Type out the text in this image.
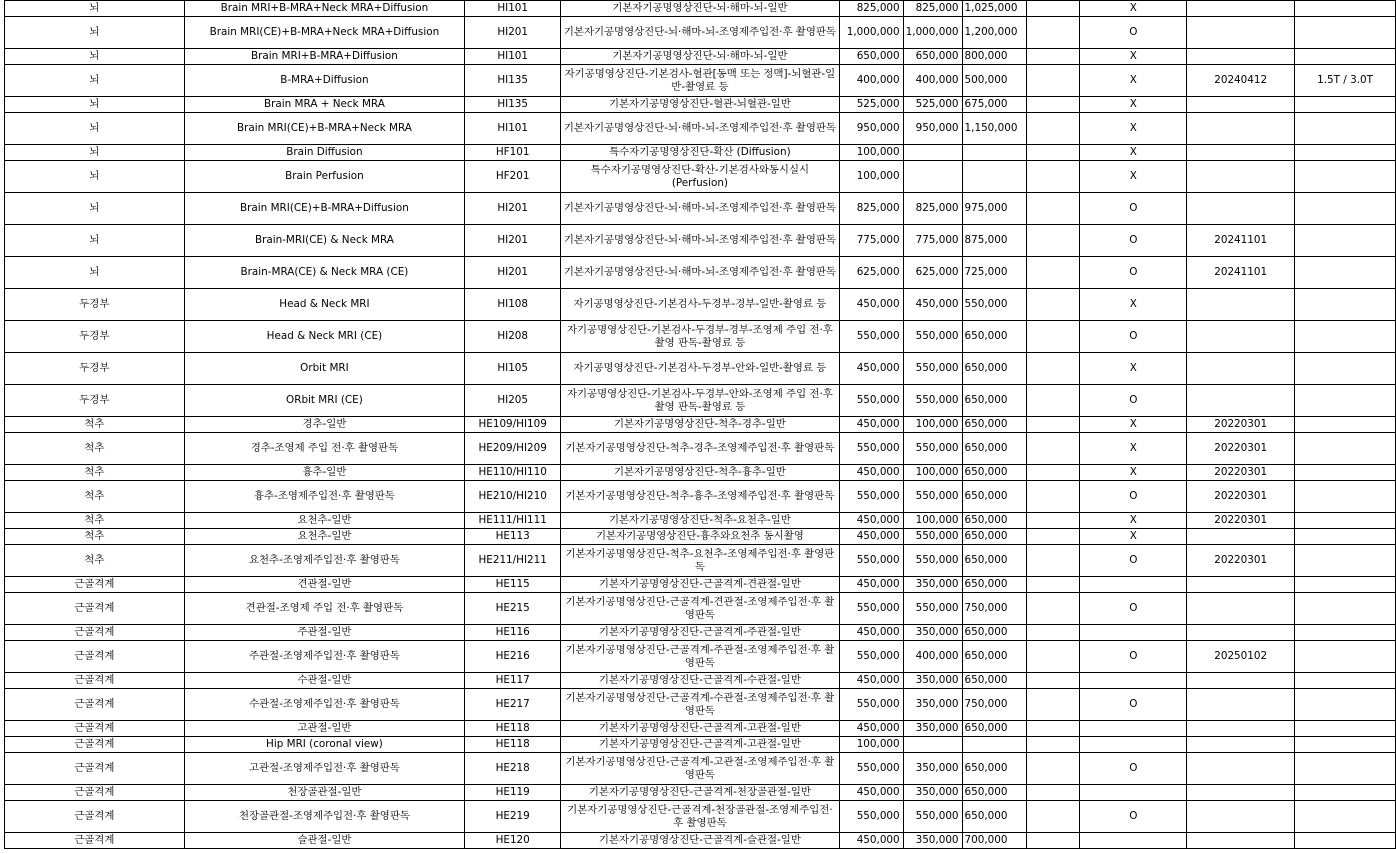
뇌	Brain MRI+B-MRA+Neck MRA+Diffusion	HI101	기본자기공명영상진단-뇌·해마-뇌-일반	825,000	825,000	1,025,000		X		
뇌	Brain MRI(CE)+B-MRA+Neck MRA+Diffusion	HI201	기본자기공명영상진단-뇌·해마-뇌-조영제주입전·후 촬영판독	1,000,000	1,000,000	1,200,000		O		
뇌	Brain MRI+B-MRA+Diffusion	HI101	기본자기공명영상진단-뇌·해마-뇌-일반	650,000	650,000	800,000		X		
뇌	B-MRA+Diffusion	HI135	자기공명영상진단-기본검사-혈관[동맥 또는 정맥]-뇌혈관-일반-촬영료 등	400,000	400,000	500,000		X	20240412	1.5T / 3.0T
뇌	Brain MRA + Neck MRA	HI135	기본자기공명영상진단-혈관-뇌혈관-일반	525,000	525,000	675,000		X		
뇌	Brain MRI(CE)+B-MRA+Neck MRA	HI101	기본자기공명영상진단-뇌·해마-뇌-조영제주입전·후 촬영판독	950,000	950,000	1,150,000		X		
뇌	Brain Diffusion	HF101	특수자기공명영상진단-확산 (Diffusion)	100,000				X		
뇌	Brain Perfusion	HF201	특수자기공명영상진단-확산-기본검사와동시실시 (Perfusion)	100,000				X		
뇌	Brain MRI(CE)+B-MRA+Diffusion	HI201	기본자기공명영상진단-뇌·해마-뇌-조영제주입전·후 촬영판독	825,000	825,000	975,000		O		
뇌	Brain-MRI(CE) & Neck MRA	HI201	기본자기공명영상진단-뇌·해마-뇌-조영제주입전·후 촬영판독	775,000	775,000	875,000		O	20241101	
뇌	Brain-MRA(CE) & Neck MRA (CE)	HI201	기본자기공명영상진단-뇌·해마-뇌-조영제주입전·후 촬영판독	625,000	625,000	725,000		O	20241101	
두경부	Head & Neck MRI	HI108	자기공명영상진단-기본검사-두경부-경부-일반-촬영료 등	450,000	450,000	550,000		X		
두경부	Head & Neck MRI (CE)	HI208	자기공명영상진단-기본검사-두경부-경부-조영제 주입 전·후 촬영 판독-촬영료 등	550,000	550,000	650,000		O		
두경부	Orbit MRI	HI105	자기공명영상진단-기본검사-두경부-안와-일반-촬영료 등	450,000	550,000	650,000		X		
두경부	ORbit MRI (CE)	HI205	자기공명영상진단-기본검사-두경부-안와-조영제 주입 전·후 촬영 판독-촬영료 등	550,000	550,000	650,000		O		
척추	경추-일반	HE109/HI109	기본자기공명영상진단-척추-경추-일반	450,000	100,000	650,000		X	20220301	
척추	경추-조영제 주입 전·후 촬영판독	HE209/HI209	기본자기공명영상진단-척추-경추-조영제주입전·후 촬영판독	550,000	550,000	650,000		X	20220301	
척추	흉추-일반	HE110/HI110	기본자기공명영상진단-척추-흉추-일반	450,000	100,000	650,000		X	20220301	
척추	흉추-조영제주입전·후 촬영판독	HE210/HI210	기본자기공명영상진단-척추-흉추-조영제주입전·후 촬영판독	550,000	550,000	650,000		O	20220301	
척추	요천추-일반	HE111/HI111	기본자기공명영상진단-척추-요천추-일반	450,000	100,000	650,000		X	20220301	
척추	요천추-일반	HE113	기본자기공명영상진단-흉추와요천추 동시촬영	450,000	550,000	650,000		X		
척추	요천추-조영제주입전·후 촬영판독	HE211/HI211	기본자기공명영상진단-척추-요천추-조영제주입전·후 촬영판독	550,000	550,000	650,000		O	20220301	
근골격계	견관절-일반	HE115	기본자기공명영상진단-근골격계-견관절-일반	450,000	350,000	650,000				
근골격계	견관절-조영제 주입 전·후 촬영판독	HE215	기본자기공명영상진단-근골격계-견관절-조영제주입전·후 촬영판독	550,000	550,000	750,000		O		
근골격계	주관절-일반	HE116	기본자기공명영상진단-근골격계-주관절-일반	450,000	350,000	650,000				
근골격계	주관절-조영제주입전·후 촬영판독	HE216	기본자기공명영상진단-근골격계-주관절-조영제주입전·후 촬영판독	550,000	400,000	650,000		O	20250102	
근골격계	수관절-일반	HE117	기본자기공명영상진단-근골격계-수관절-일반	450,000	350,000	650,000				
근골격계	수관절-조영제주입전·후 촬영판독	HE217	기본자기공명영상진단-근골격계-수관절-조영제주입전·후 촬영판독	550,000	350,000	750,000		O		
근골격계	고관절-일반	HE118	기본자기공명영상진단-근골격계-고관절-일반	450,000	350,000	650,000				
근골격계	Hip MRI (coronal view)	HE118	기본자기공명영상진단-근골격계-고관절-일반	100,000						
근골격계	고관절-조영제주입전·후 촬영판독	HE218	기본자기공명영상진단-근골격계-고관절-조영제주입전·후 촬영판독	550,000	350,000	650,000		O		
근골격계	천장골관절-일반	HE119	기본자기공명영상진단-근골격계-천장골관절-일반	450,000	350,000	650,000				
근골격계	천장골관절-조영제주입전·후 촬영판독	HE219	기본자기공명영상진단-근골격계-천장골관절-조영제주입전·후 촬영판독	550,000	550,000	650,000		O		
근골격계	슬관절-일반	HE120	기본자기공명영상진단-근골격계-슬관절-일반	450,000	350,000	700,000				
